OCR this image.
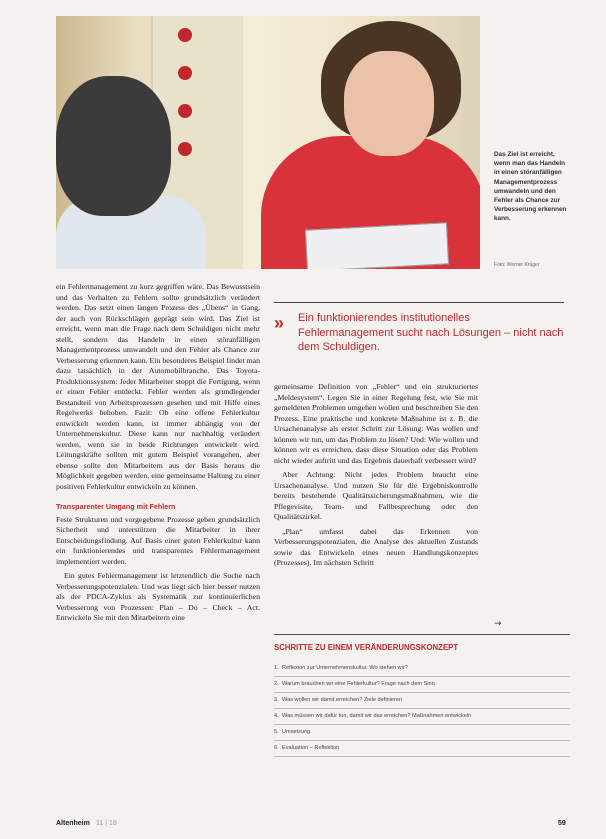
Das Ziel ist erreicht, wenn man das Handeln in einen störanfälligen Managementprozess umwandeln und den Fehler als Chance zur Verbesserung erkennen kann.

Foto: Werner Krüger

ein Fehlermanagement zu kurz gegriffen wäre. Das Bewusstsein und das Verhalten zu Fehlern sollte grundsätzlich verändert werden. Das setzt einen langen Prozess des „Übens“ in Gang, der auch von Rückschlägen geprägt sein wird. Das Ziel ist erreicht, wenn man die Frage nach dem Schuldigen nicht mehr stellt, sondern das Handeln in einen störanfälligen Managementprozess umwandelt und den Fehler als Chance zur Verbesserung erkennen kann. Ein besonderes Beispiel findet man dazu tatsächlich in der Automobilbranche. Das Toyota-Produktionssystem: Jeder Mitarbeiter stoppt die Fertigung, wenn er einen Fehler entdeckt. Fehler werden als grundlegender Bestandteil von Arbeitsprozessen gesehen und mit Hilfe eines Regelwerks behoben. Fazit: Ob eine offene Fehlerkultur entwickelt werden kann, ist immer abhängig von der Unternehmenskultur. Diese kann nur nachhaltig verändert werden, wenn sie in beide Richtungen entwickelt wird. Leitungskräfte sollten mit gutem Beispiel vorangehen, aber ebenso sollte den Mitarbeitern aus der Basis heraus die Möglichkeit gegeben werden, eine gemeinsame Haltung zu einer positiven Fehlerkultur entwickeln zu können.

Transparenter Umgang mit Fehlern

Feste Strukturen und vorgegebene Prozesse geben grundsätzlich Sicherheit und unterstützen die Mitarbeiter in ihrer Entscheidungsfindung. Auf Basis einer guten Fehlerkultur kann ein funktionierendes und transparentes Fehlermanagement implementiert werden.

Ein gutes Fehlermanagement ist letztendlich die Suche nach Verbesserungspotenzialen. Und was liegt sich hier besser nutzen als der PDCA-Zyklus als Systematik zur kontinuierlichen Verbesserung von Prozessen: Plan – Do – Check – Act. Entwickeln Sie mit den Mitarbeitern eine

» Ein funktionierendes institutionelles Fehlermanagement sucht nach Lösungen – nicht nach dem Schuldigen.

gemeinsame Definition von „Fehler“ und ein strukturiertes „Meldesystem“. Legen Sie in einer Regelung fest, wie Sie mit gemeldeten Problemen umgehen wollen und beschreiben Sie den Prozess. Eine praktische und konkrete Maßnahme ist z. B. die Ursachenanalyse als erster Schritt zur Lösung: Was wollen und können wir tun, um das Problem zu lösen? Und: Wie wollen und können wir es erreichen, dass diese Situation oder das Problem nicht wieder auftritt und das Ergebnis dauerhaft verbessert wird?

Aber Achtung: Nicht jedes Problem braucht eine Ursachenanalyse. Und nutzen Sie für die Ergebniskontrolle bereits bestehende Qualitätssicherungsmaßnahmen, wie die Pflegevisite, Team- und Fallbesprechung oder den Qualitätszirkel.

„Plan“ umfasst dabei das Erkennen von Verbesserungspotenzialen, die Analyse des aktuellen Zustands sowie das Entwickeln eines neuen Handlungskonzeptes (Prozesses). Im nächsten Schritt

→
SCHRITTE ZU EINEM VERÄNDERUNGSKONZEPT
1. Reflexion zur Unternehmenskultur. Wo stehen wir?
2. Warum brauchen wir eine Fehlerkultur? Frage nach dem Sinn
3. Was wollen wir damit erreichen? Ziele definieren
4. Was müssen wir dafür tun, damit wir das erreichen? Maßnahmen entwickeln
5. Umsetzung
6. Evaluation – Reflektion
Altenheim 11 | 18	59
